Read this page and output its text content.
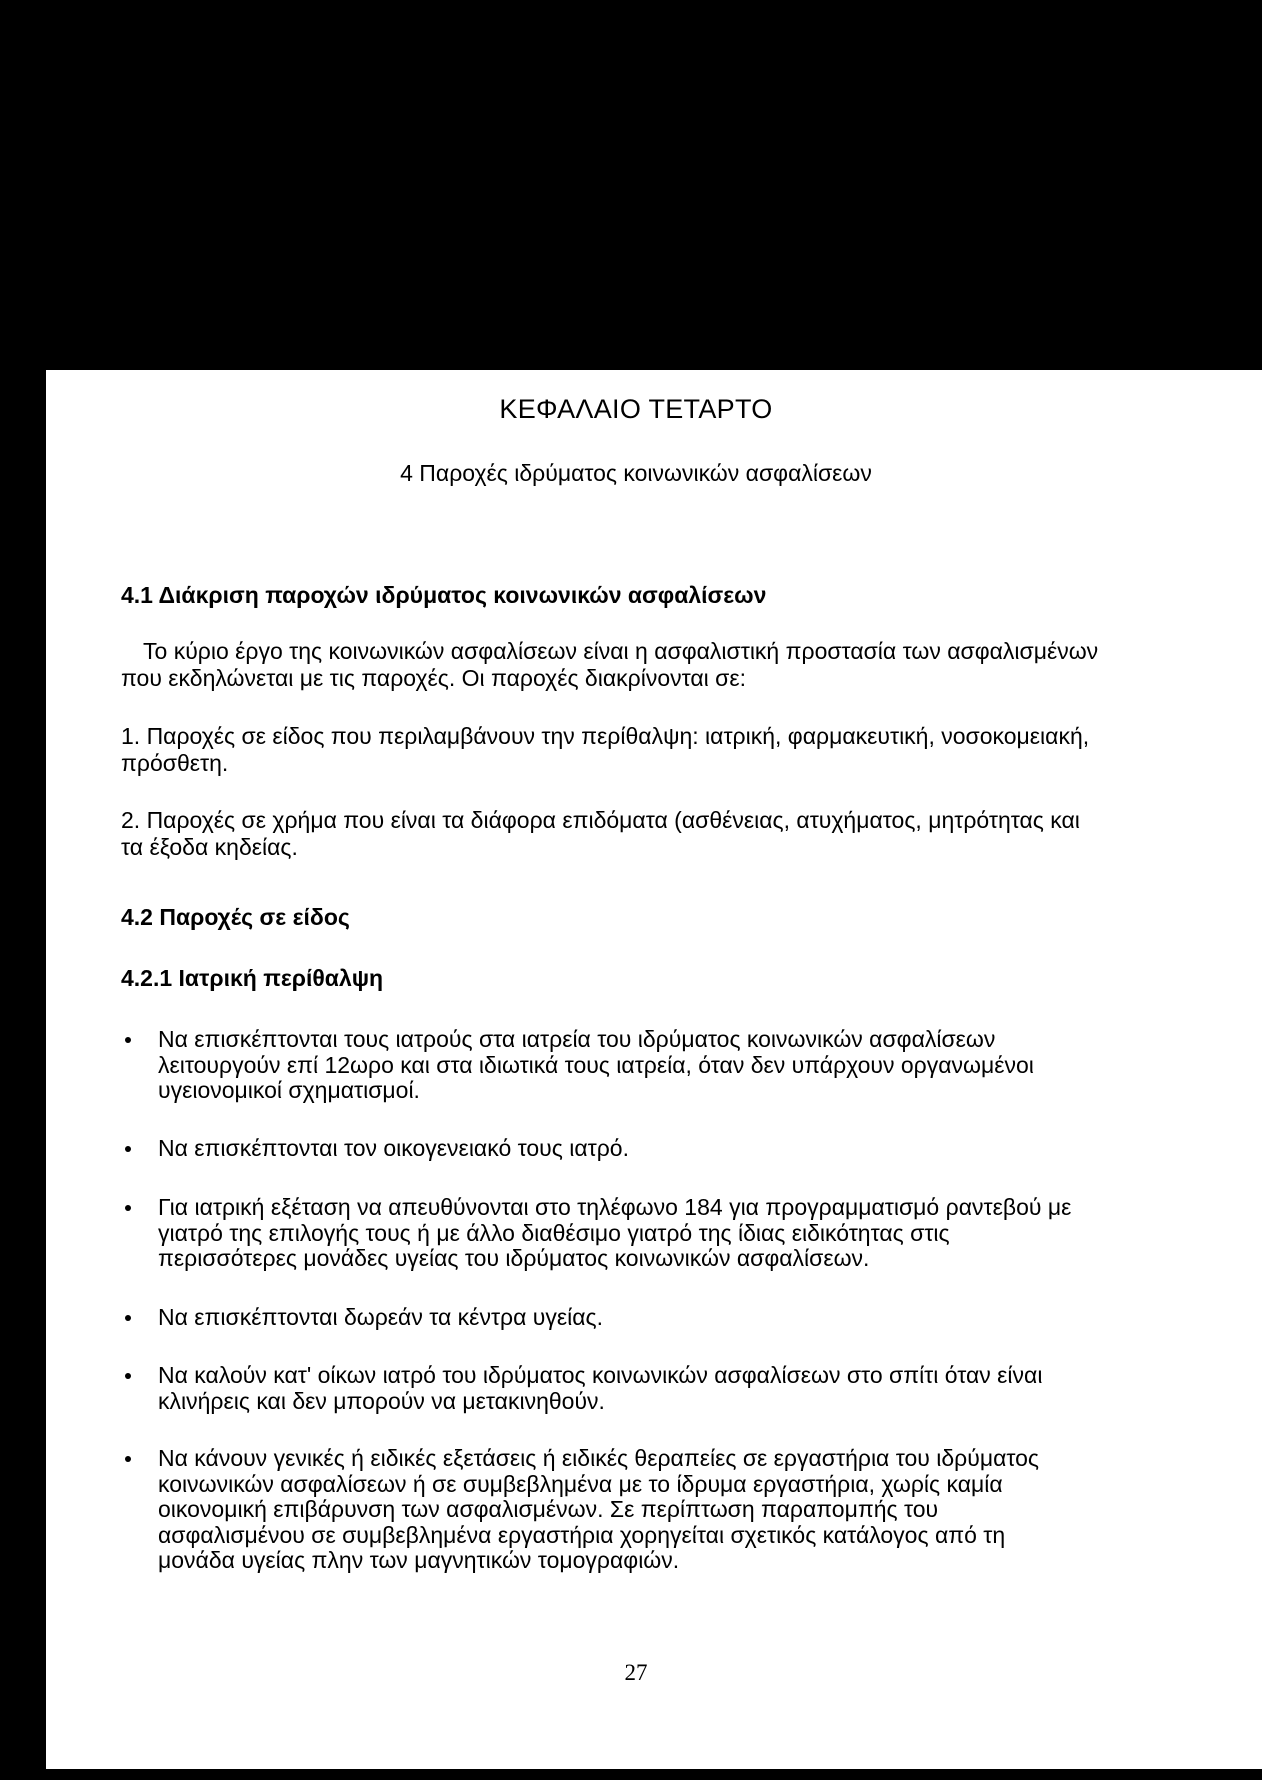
ΚΕΦΑΛΑΙΟ ΤΕΤΑΡΤΟ
4 Παροχές ιδρύματος κοινωνικών ασφαλίσεων
4.1 Διάκριση παροχών ιδρύματος κοινωνικών ασφαλίσεων
Το κύριο έργο της κοινωνικών ασφαλίσεων είναι η ασφαλιστική προστασία των ασφαλισμένων που εκδηλώνεται με τις παροχές. Οι παροχές διακρίνονται σε:
1. Παροχές σε είδος που περιλαμβάνουν την περίθαλψη: ιατρική, φαρμακευτική, νοσοκομειακή, πρόσθετη.
2. Παροχές σε χρήμα που είναι τα διάφορα επιδόματα (ασθένειας, ατυχήματος, μητρότητας και τα έξοδα κηδείας.
4.2 Παροχές σε είδος
4.2.1 Ιατρική περίθαλψη
Να επισκέπτονται τους ιατρούς στα ιατρεία του ιδρύματος κοινωνικών ασφαλίσεων λειτουργούν επί 12ωρο και στα ιδιωτικά τους ιατρεία, όταν δεν υπάρχουν οργανωμένοι υγειονομικοί σχηματισμοί.
Να επισκέπτονται τον οικογενειακό τους ιατρό.
Για ιατρική εξέταση να απευθύνονται στο τηλέφωνο 184 για προγραμματισμό ραντεβού με γιατρό της επιλογής τους ή με άλλο διαθέσιμο γιατρό της ίδιας ειδικότητας στις περισσότερες μονάδες υγείας του ιδρύματος κοινωνικών ασφαλίσεων.
Να επισκέπτονται δωρεάν τα κέντρα υγείας.
Να καλούν κατ' οίκων ιατρό του ιδρύματος κοινωνικών ασφαλίσεων στο σπίτι όταν είναι κλινήρεις και δεν μπορούν να μετακινηθούν.
Να κάνουν γενικές ή ειδικές εξετάσεις ή ειδικές θεραπείες σε εργαστήρια του ιδρύματος κοινωνικών ασφαλίσεων ή σε συμβεβλημένα με το ίδρυμα εργαστήρια, χωρίς καμία οικονομική επιβάρυνση των ασφαλισμένων. Σε περίπτωση παραπομπής του ασφαλισμένου σε συμβεβλημένα εργαστήρια χορηγείται σχετικός κατάλογος από τη μονάδα υγείας πλην των μαγνητικών τομογραφιών.
27
